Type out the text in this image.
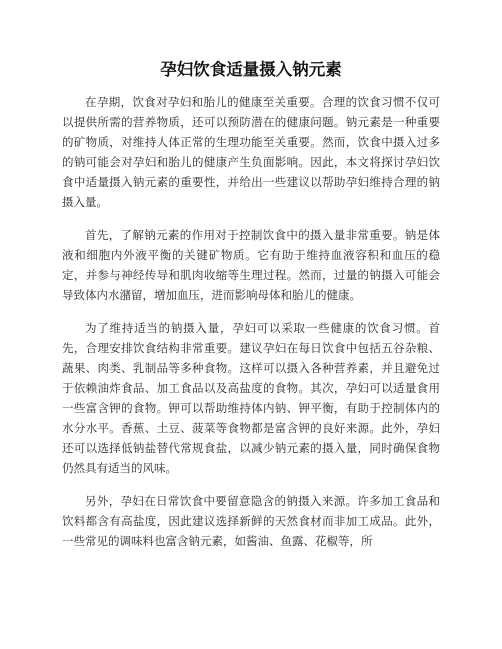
孕妇饮食适量摄入钠元素

在孕期，饮食对孕妇和胎儿的健康至关重要。合理的饮食习惯不仅可以提供所需的营养物质，还可以预防潜在的健康问题。钠元素是一种重要的矿物质，对维持人体正常的生理功能至关重要。然而，饮食中摄入过多的钠可能会对孕妇和胎儿的健康产生负面影响。因此，本文将探讨孕妇饮食中适量摄入钠元素的重要性，并给出一些建议以帮助孕妇维持合理的钠摄入量。

首先，了解钠元素的作用对于控制饮食中的摄入量非常重要。钠是体液和细胞内外液平衡的关键矿物质。它有助于维持血液容积和血压的稳定，并参与神经传导和肌肉收缩等生理过程。然而，过量的钠摄入可能会导致体内水潴留，增加血压，进而影响母体和胎儿的健康。

为了维持适当的钠摄入量，孕妇可以采取一些健康的饮食习惯。首先，合理安排饮食结构非常重要。建议孕妇在每日饮食中包括五谷杂粮、蔬果、肉类、乳制品等多种食物。这样可以摄入各种营养素，并且避免过于依赖油炸食品、加工食品以及高盐度的食物。其次，孕妇可以适量食用一些富含钾的食物。钾可以帮助维持体内钠、钾平衡，有助于控制体内的水分水平。香蕉、土豆、菠菜等食物都是富含钾的良好来源。此外，孕妇还可以选择低钠盐替代常规食盐，以减少钠元素的摄入量，同时确保食物仍然具有适当的风味。

另外，孕妇在日常饮食中要留意隐含的钠摄入来源。许多加工食品和饮料都含有高盐度，因此建议选择新鲜的天然食材而非加工成品。此外，一些常见的调味料也富含钠元素，如酱油、鱼露、花椒等，所
